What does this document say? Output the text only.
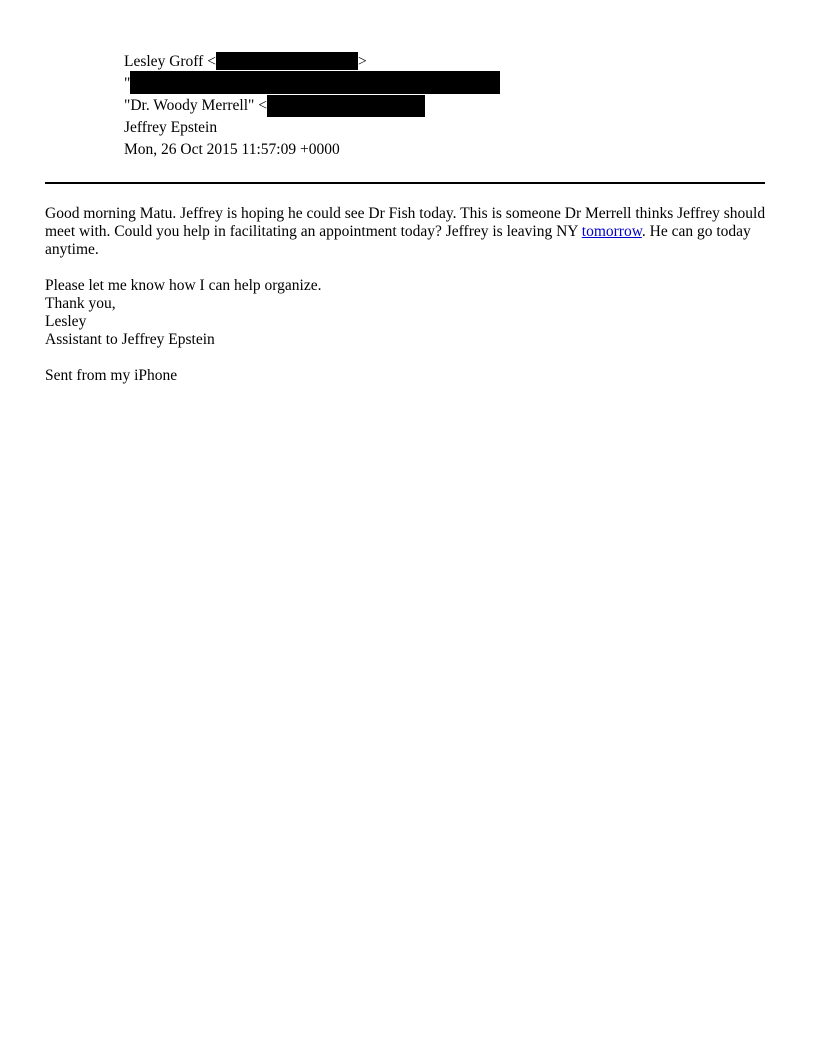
Lesley Groff <	>
"
"Dr. Woody Merrell" <
Jeffrey Epstein
Mon, 26 Oct 2015 11:57:09 +0000

Good morning Matu. Jeffrey is hoping he could see Dr Fish today. This is someone Dr Merrell thinks Jeffrey should meet with. Could you help in facilitating an appointment today? Jeffrey is leaving NY tomorrow. He can go today anytime.

Please let me know how I can help organize.

Thank you,

Lesley

Assistant to Jeffrey Epstein

Sent from my iPhone
